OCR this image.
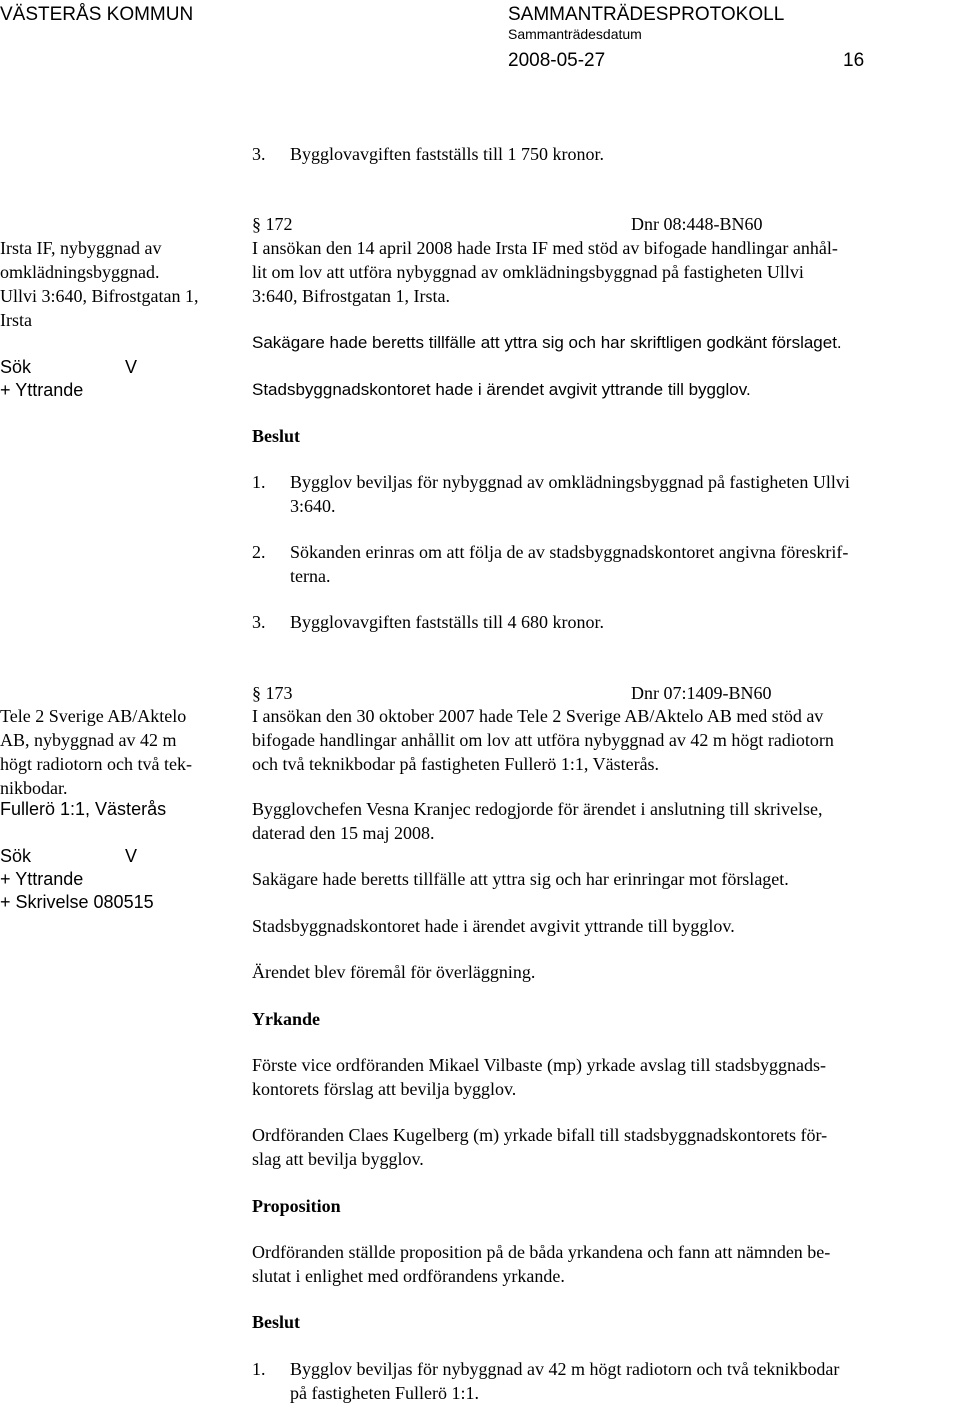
VÄSTERÅS KOMMUN	SAMMANTRÄDESPROTOKOLL
Sammanträdesdatum
2008-05-27	16
3. Bygglovavgiften fastställs till 1 750 kronor.
§ 172	Dnr 08:448-BN60
Irsta IF, nybyggnad av
omklädningsbyggnad.
Ullvi 3:640, Bifrostgatan 1,
Irsta
Sök	V
+ Yttrande
I ansökan den 14 april 2008 hade Irsta IF med stöd av bifogade handlingar anhål-
lit om lov att utföra nybyggnad av omklädningsbyggnad på fastigheten Ullvi
3:640, Bifrostgatan 1, Irsta.
Sakägare hade beretts tillfälle att yttra sig och har skriftligen godkänt förslaget.
Stadsbyggnadskontoret hade i ärendet avgivit yttrande till bygglov.
Beslut
1. Bygglov beviljas för nybyggnad av omklädningsbyggnad på fastigheten Ullvi
3:640.
2. Sökanden erinras om att följa de av stadsbyggnadskontoret angivna föreskrif-
terna.
3. Bygglovavgiften fastställs till 4 680 kronor.
§ 173	Dnr 07:1409-BN60
Tele 2 Sverige AB/Aktelo
AB, nybyggnad av 42 m
högt radiotorn och två tek-
nikbodar.
Fullerö 1:1, Västerås
Sök	V
+ Yttrande
+ Skrivelse 080515
I ansökan den 30 oktober 2007 hade Tele 2 Sverige AB/Aktelo AB med stöd av
bifogade handlingar anhållit om lov att utföra nybyggnad av 42 m högt radiotorn
och två teknikbodar på fastigheten Fullerö 1:1, Västerås.
Bygglovchefen Vesna Kranjec redogjorde för ärendet i anslutning till skrivelse,
daterad den 15 maj 2008.
Sakägare hade beretts tillfälle att yttra sig och har erinringar mot förslaget.
Stadsbyggnadskontoret hade i ärendet avgivit yttrande till bygglov.
Ärendet blev föremål för överläggning.
Yrkande
Förste vice ordföranden Mikael Vilbaste (mp) yrkade avslag till stadsbyggnads-
kontorets förslag att bevilja bygglov.
Ordföranden Claes Kugelberg (m) yrkade bifall till stadsbyggnadskontorets för-
slag att bevilja bygglov.
Proposition
Ordföranden ställde proposition på de båda yrkandena och fann att nämnden be-
slutat i enlighet med ordförandens yrkande.
Beslut
1. Bygglov beviljas för nybyggnad av 42 m högt radiotorn och två teknikbodar
på fastigheten Fullerö 1:1.
